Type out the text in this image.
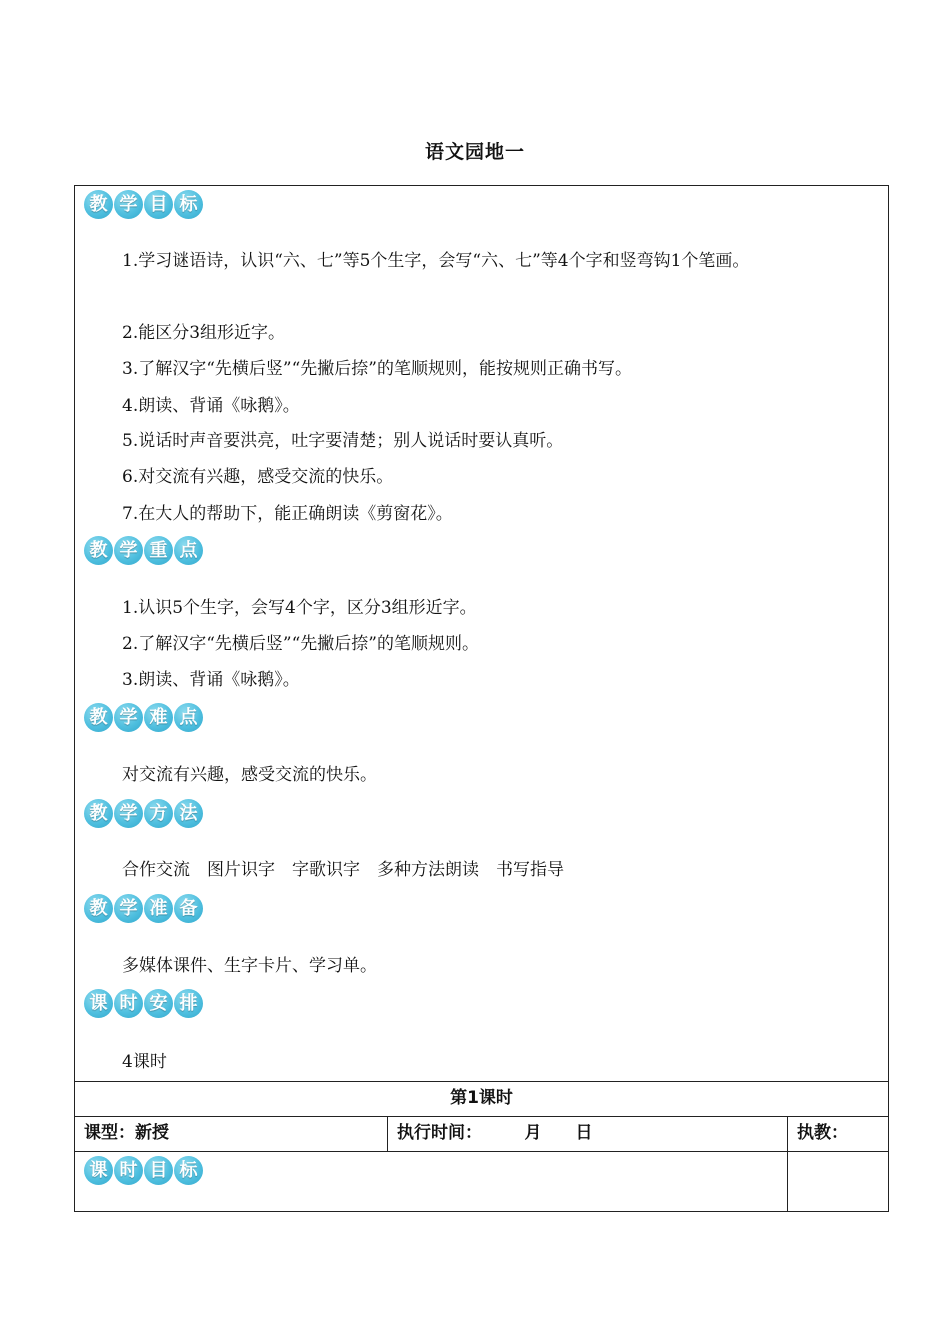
语文园地一
教 学 目 标
1.学习谜语诗，认识“六、七”等5个生字，会写“六、七”等4个字和竖弯钩1个笔画。
2.能区分3组形近字。
3.了解汉字“先横后竖”“先撇后捺”的笔顺规则，能按规则正确书写。
4.朗读、背诵《咏鹅》。
5.说话时声音要洪亮，吐字要清楚；别人说话时要认真听。
6.对交流有兴趣，感受交流的快乐。
7.在大人的帮助下，能正确朗读《剪窗花》。
教 学 重 点
1.认识5个生字，会写4个字，区分3组形近字。
2.了解汉字“先横后竖”“先撇后捺”的笔顺规则。
3.朗读、背诵《咏鹅》。
教 学 难 点
对交流有兴趣，感受交流的快乐。
教 学 方 法
合作交流　图片识字　字歌识字　多种方法朗读　书写指导
教 学 准 备
多媒体课件、生字卡片、学习单。
课 时 安 排
4课时
第1课时
课型：新授	执行时间：　　　月　　日	执教：
课 时 目 标
